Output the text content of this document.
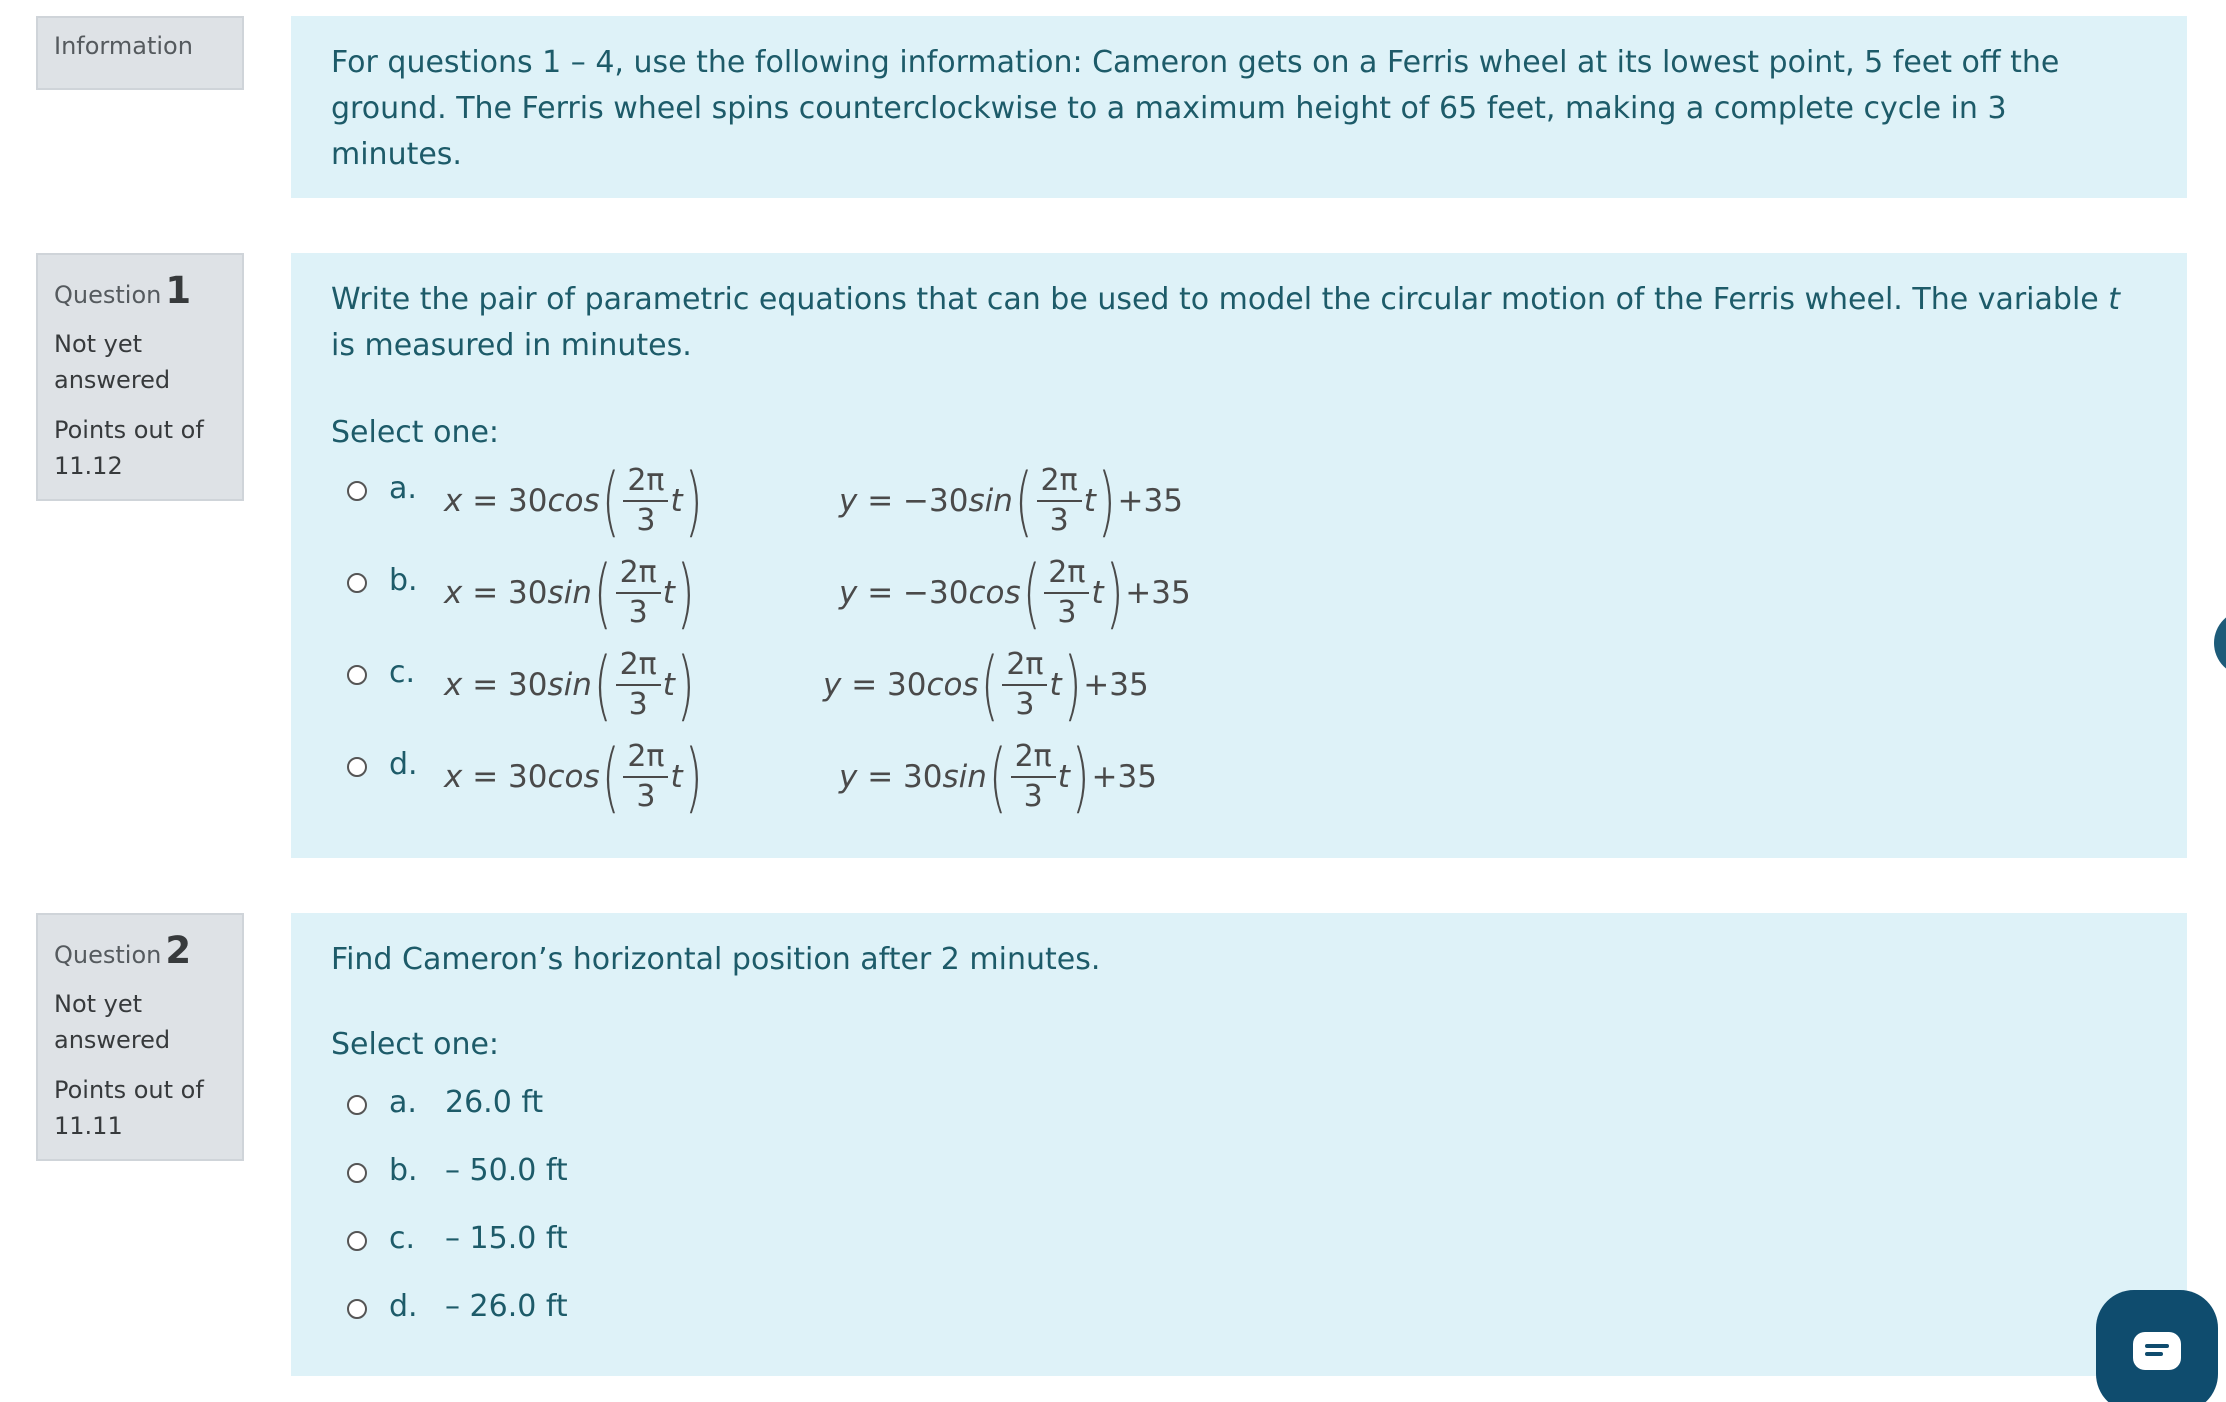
Information	For questions 1 – 4, use the following information: Cameron gets on a Ferris wheel at its lowest point, 5 feet off the ground. The Ferris wheel spins counterclockwise to a maximum height of 65 feet, making a complete cycle in 3 minutes.
Question 1
Not yet answered
Points out of
11.12
Write the pair of parametric equations that can be used to model the circular motion of the Ferris wheel. The variable t is measured in minutes.
Select one:
a. x = 30 cos ( $\frac{2\pi}{3}$ t )	y = −30 sin ( $\frac{2\pi}{3}$ t ) +35
b. x = 30 sin ( $\frac{2\pi}{3}$ t )	y = −30 cos ( $\frac{2\pi}{3}$ t ) +35
c. x = 30 sin ( $\frac{2\pi}{3}$ t )	y = 30 cos ( $\frac{2\pi}{3}$ t ) +35
d. x = 30 cos ( $\frac{2\pi}{3}$ t )	y = 30 sin ( $\frac{2\pi}{3}$ t ) +35
Question 2
Not yet answered
Points out of
11.11
Find Cameron’s horizontal position after 2 minutes.
Select one:
a. 26.0 ft
b. – 50.0 ft
c. – 15.0 ft
d. – 26.0 ft
